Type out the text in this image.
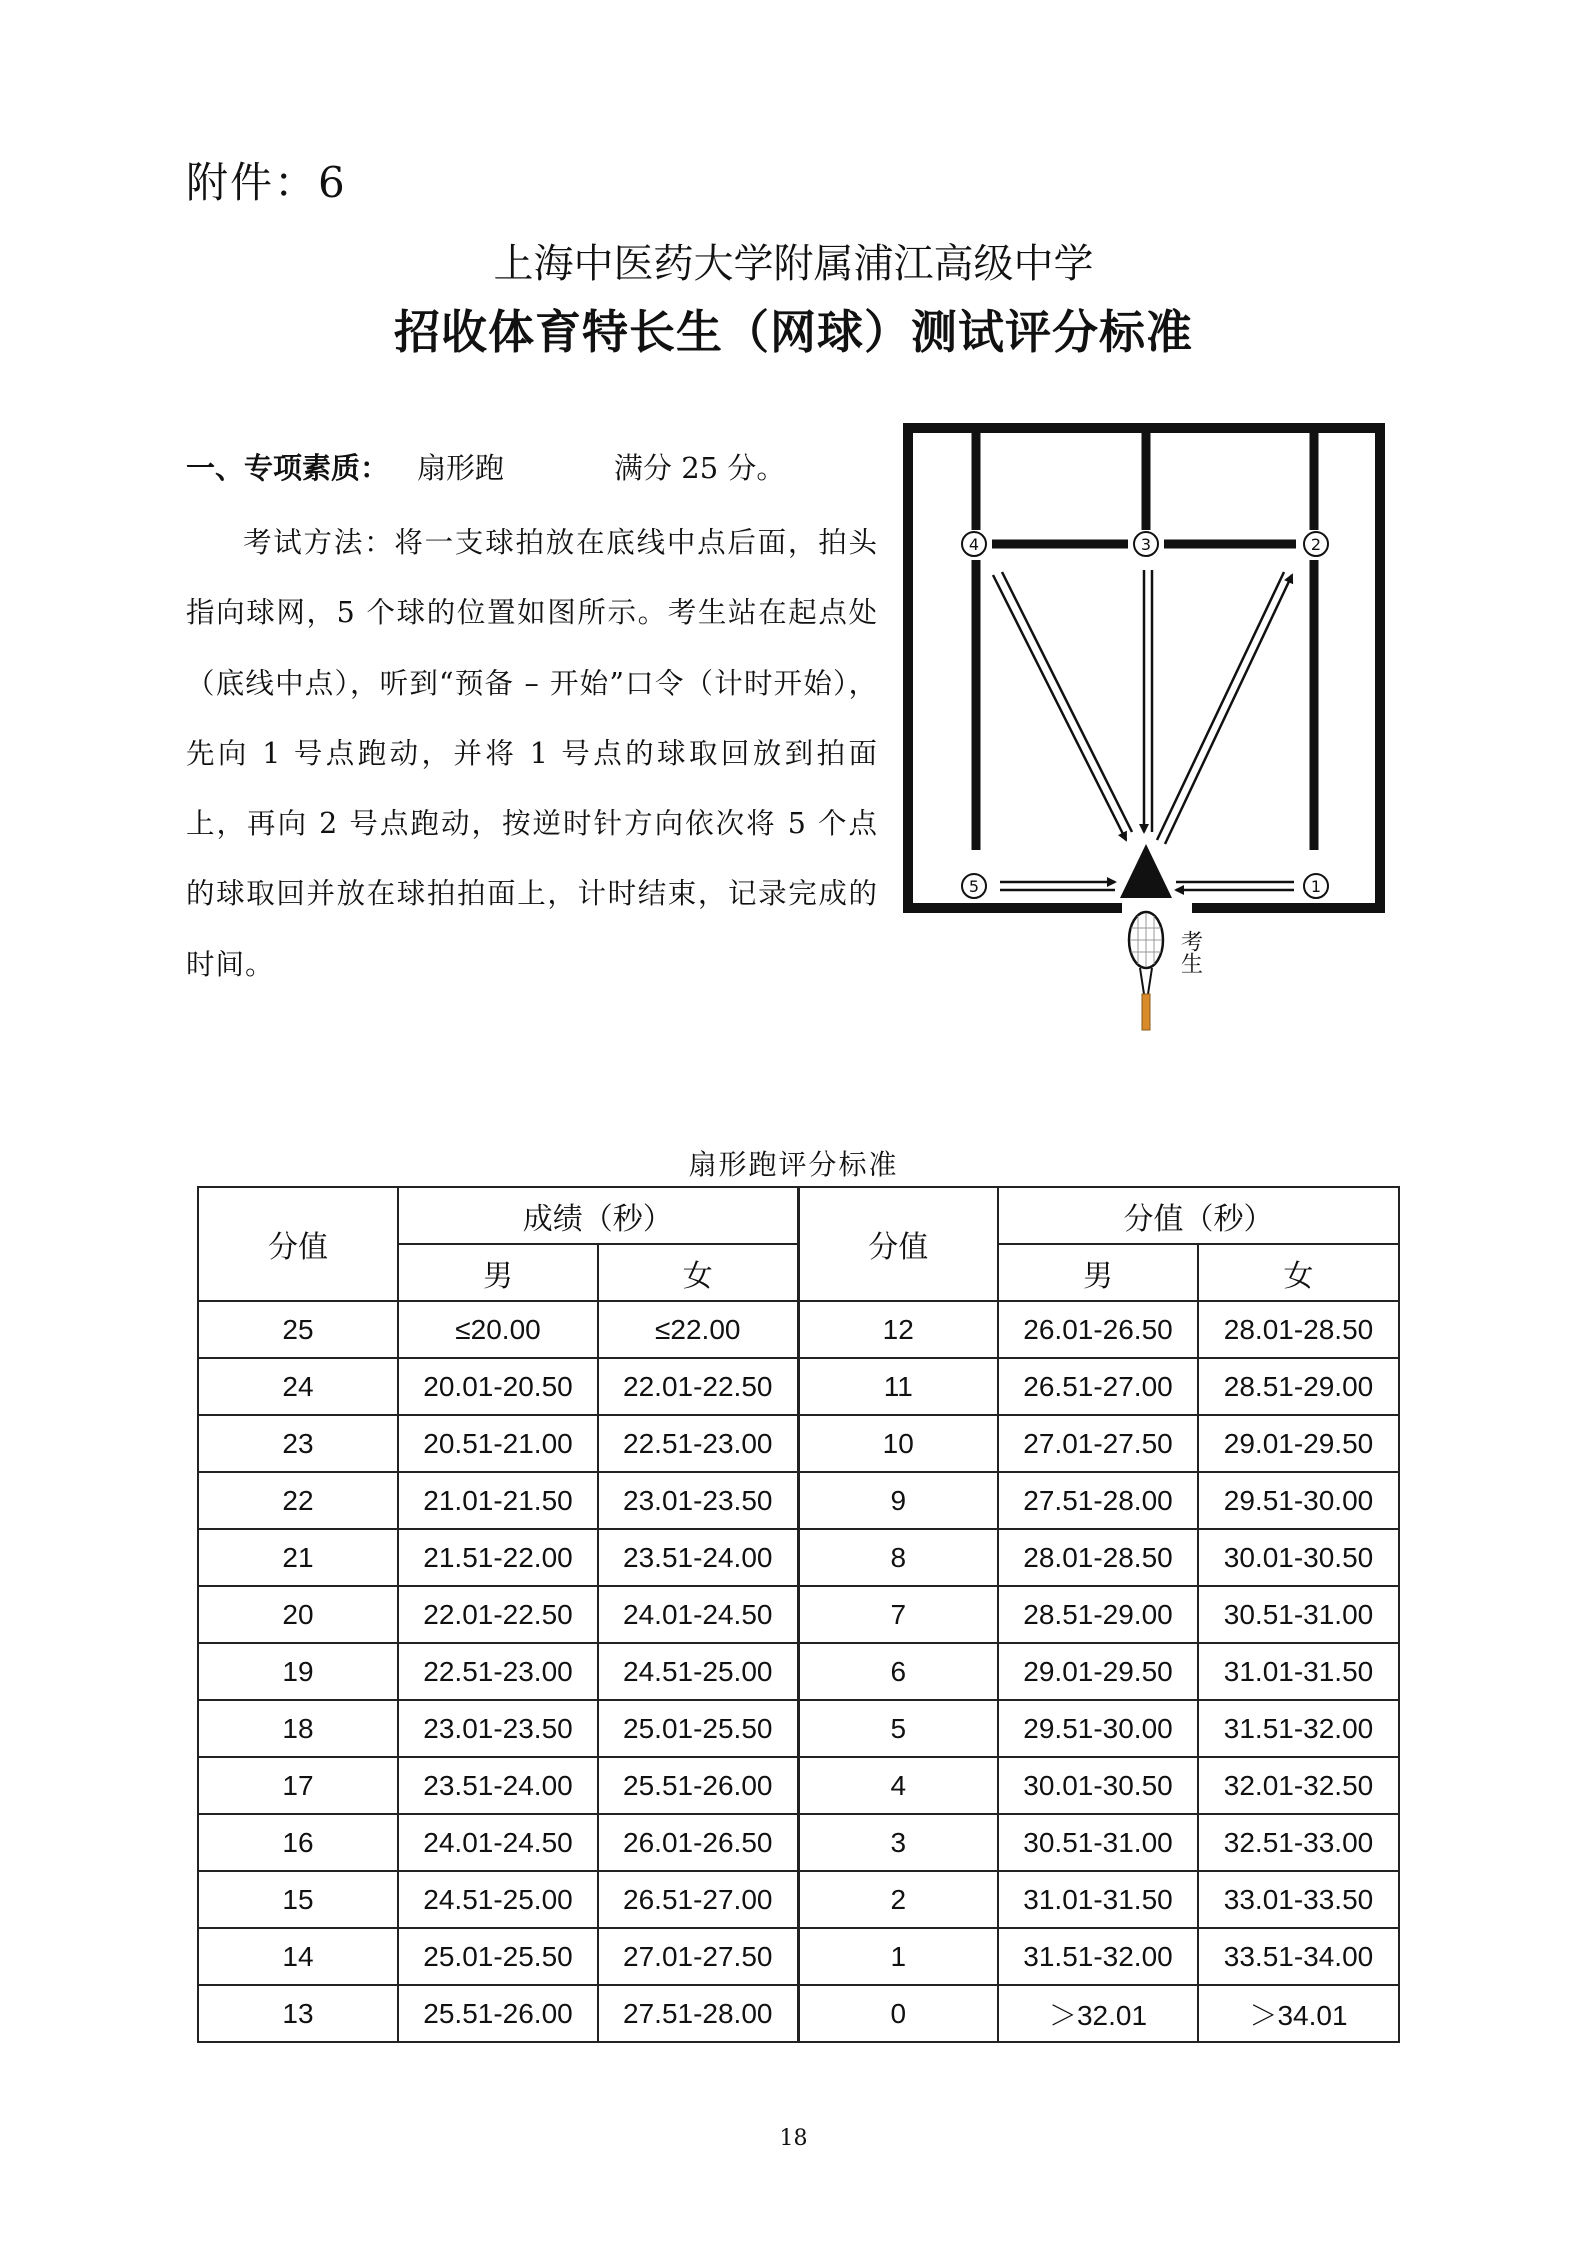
附件：6
上海中医药大学附属浦江高级中学
招收体育特长生（网球）测试评分标准
一、专项素质： 扇形跑	满分 25 分。
考试方法：将一支球拍放在底线中点后面，拍头指向球网，5 个球的位置如图所示。考生站在起点处（底线中点），听到“预备 – 开始”口令（计时开始），先向 1 号点跑动，并将 1 号点的球取回放到拍面上，再向 2 号点跑动，按逆时针方向依次将 5 个点的球取回并放在球拍拍面上，计时结束，记录完成的时间。
4	3	2
5	1
考生
扇形跑评分标准
分值	成绩（秒）		分值	分值（秒）	
	男	女		男	女
25	≤20.00	≤22.00	12	26.01-26.50	28.01-28.50
24	20.01-20.50	22.01-22.50	11	26.51-27.00	28.51-29.00
23	20.51-21.00	22.51-23.00	10	27.01-27.50	29.01-29.50
22	21.01-21.50	23.01-23.50	9	27.51-28.00	29.51-30.00
21	21.51-22.00	23.51-24.00	8	28.01-28.50	30.01-30.50
20	22.01-22.50	24.01-24.50	7	28.51-29.00	30.51-31.00
19	22.51-23.00	24.51-25.00	6	29.01-29.50	31.01-31.50
18	23.01-23.50	25.01-25.50	5	29.51-30.00	31.51-32.00
17	23.51-24.00	25.51-26.00	4	30.01-30.50	32.01-32.50
16	24.01-24.50	26.01-26.50	3	30.51-31.00	32.51-33.00
15	24.51-25.00	26.51-27.00	2	31.01-31.50	33.01-33.50
14	25.01-25.50	27.01-27.50	1	31.51-32.00	33.51-34.00
13	25.51-26.00	27.51-28.00	0	＞32.01	＞34.01
18
